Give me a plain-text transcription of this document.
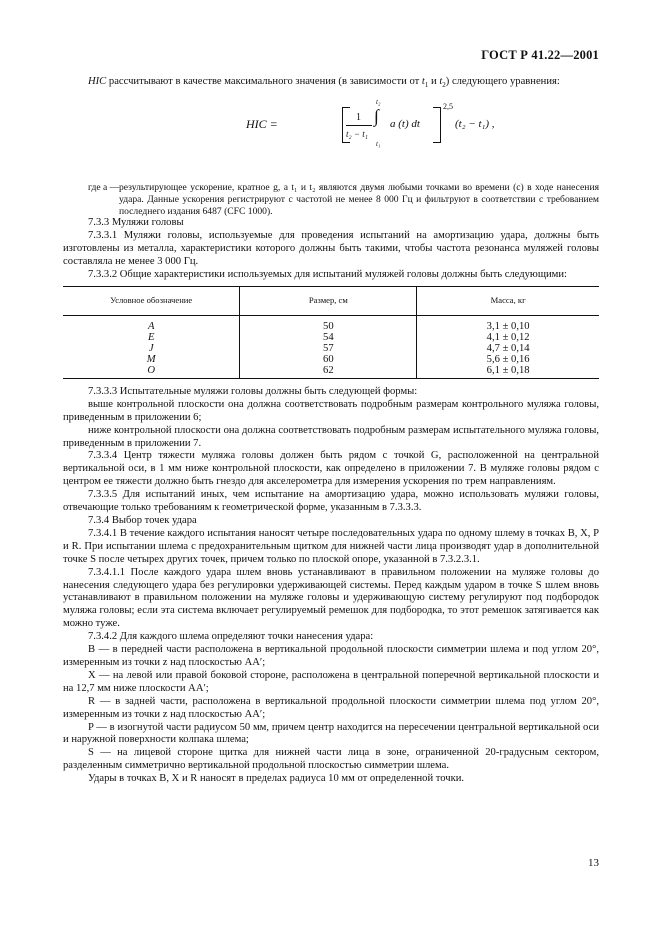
ГОСТ Р 41.22—2001

HIC рассчитывают в качестве максимального значения (в зависимости от $t_1$ и $t_2$) следующего уравнения:

HIC =	1
t₂ − t₁
t₂
∫
t₁
a (t) dt
2,5
(t₂ − t₁) ,
где a — результирующее ускорение, кратное g, а t₁ и t₂ являются двумя любыми точками во времени (с) в ходе нанесения удара. Данные ускорения регистрируют с частотой не менее 8 000 Гц и фильтруют в соответствии с требованием последнего издания 6487 (CFC 1000).

7.3.3 Муляжи головы

7.3.3.1 Муляжи головы, используемые для проведения испытаний на амортизацию удара, должны быть изготовлены из металла, характеристики которого должны быть такими, чтобы частота резонанса муляжей головы составляла не менее 3 000 Гц.

7.3.3.2 Общие характеристики используемых для испытаний муляжей головы должны быть следующими:

Условное обозначение	Размер, см	Масса, кг
A	50	3,1 ± 0,10
E	54	4,1 ± 0,12
J	57	4,7 ± 0,14
M	60	5,6 ± 0,16
O	62	6,1 ± 0,18

7.3.3.3 Испытательные муляжи головы должны быть следующей формы:

выше контрольной плоскости она должна соответствовать подробным размерам контрольного муляжа головы, приведенным в приложении 6;

ниже контрольной плоскости она должна соответствовать подробным размерам испытательного муляжа головы, приведенным в приложении 7.

7.3.3.4 Центр тяжести муляжа головы должен быть рядом с точкой G, расположенной на центральной вертикальной оси, в 1 мм ниже контрольной плоскости, как определено в приложении 7. В муляже головы рядом с центром ее тяжести должно быть гнездо для акселерометра для измерения ускорения по трем направлениям.

7.3.3.5 Для испытаний иных, чем испытание на амортизацию удара, можно использовать муляжи головы, отвечающие только требованиям к геометрической форме, указанным в 7.3.3.3.

7.3.4 Выбор точек удара

7.3.4.1 В течение каждого испытания наносят четыре последовательных удара по одному шлему в точках B, X, P и R. При испытании шлема с предохранительным щитком для нижней части лица производят удар в дополнительной точке S после четырех других точек, причем только по плоской опоре, указанной в 7.3.2.3.1.

7.3.4.1.1 После каждого удара шлем вновь устанавливают в правильном положении на муляже головы до нанесения следующего удара без регулировки удерживающей системы. Перед каждым ударом в точке S шлем вновь устанавливают в правильном положении на муляже головы и удерживающую систему регулируют под подбородок муляжа головы; если эта система включает регулируемый ремешок для подбородка, то этот ремешок затягивается как можно туже.

7.3.4.2 Для каждого шлема определяют точки нанесения удара:

B — в передней части расположена в вертикальной продольной плоскости симметрии шлема и под углом 20°, измеренным из точки z над плоскостью AA′;

X — на левой или правой боковой стороне, расположена в центральной поперечной вертикальной плоскости и на 12,7 мм ниже плоскости AA′;

R — в задней части, расположена в вертикальной продольной плоскости симметрии шлема под углом 20°, измеренным из точки z над плоскостью AA′;

P — в изогнутой части радиусом 50 мм, причем центр находится на пересечении центральной вертикальной оси и наружной поверхности колпака шлема;

S — на лицевой стороне щитка для нижней части лица в зоне, ограниченной 20-градусным сектором, разделенным симметрично вертикальной продольной плоскостью симметрии шлема.

Удары в точках B, X и R наносят в пределах радиуса 10 мм от определенной точки.

13
